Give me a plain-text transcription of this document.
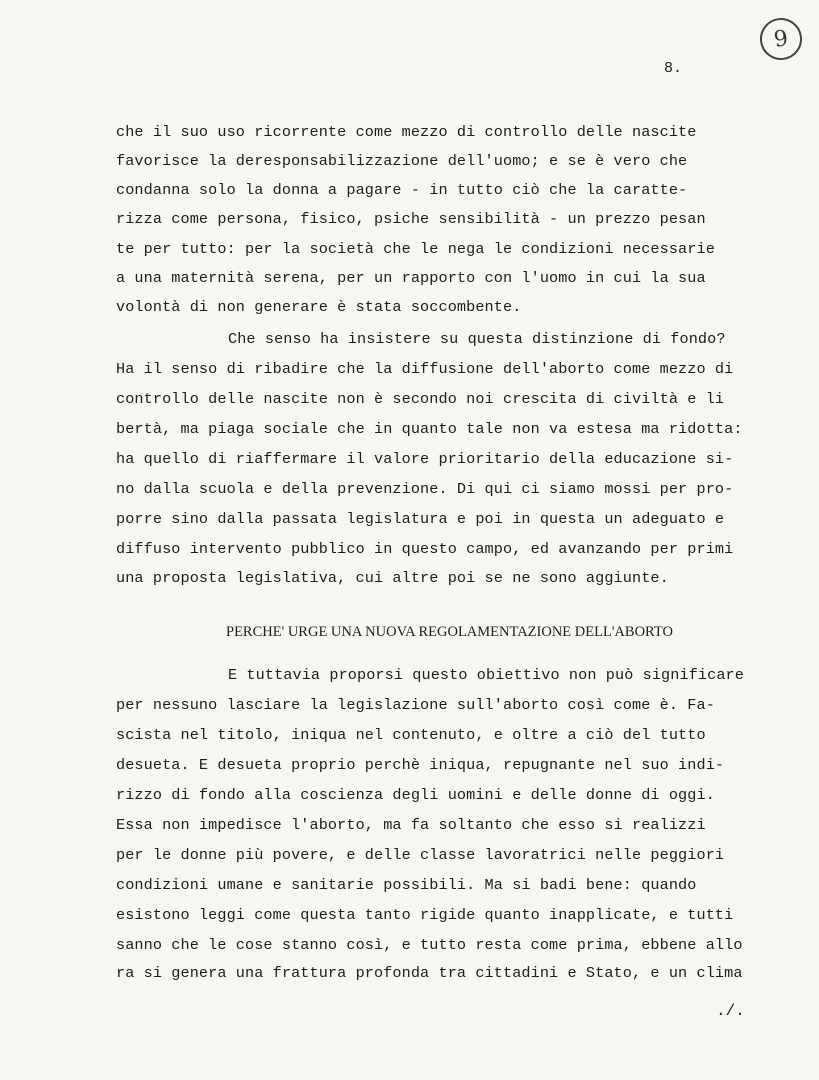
9
8.
che il suo uso ricorrente come mezzo di controllo delle nascite
favorisce la deresponsabilizzazione dell'uomo; e se è vero che
condanna solo la donna a pagare - in tutto ciò che la caratte-
rizza come persona, fisico, psiche sensibilità - un prezzo pesan
te per tutto: per la società che le nega le condizioni necessarie
a una maternità serena, per un rapporto con l'uomo in cui la sua
volontà di non generare è stata soccombente.
Che senso ha insistere su questa distinzione di fondo?
Ha il senso di ribadire che la diffusione dell'aborto come mezzo di
controllo delle nascite non è secondo noi crescita di civiltà e li
bertà, ma piaga sociale che in quanto tale non va estesa ma ridotta:
ha quello di riaffermare il valore prioritario della educazione si-
no dalla scuola e della prevenzione. Di qui ci siamo mossi per pro-
porre sino dalla passata legislatura e poi in questa un adeguato e
diffuso intervento pubblico in questo campo, ed avanzando per primi
una proposta legislativa, cui altre poi se ne sono aggiunte.
PERCHE' URGE UNA NUOVA REGOLAMENTAZIONE DELL'ABORTO
E tuttavia proporsi questo obiettivo non può significare
per nessuno lasciare la legislazione sull'aborto così come è. Fa-
scista nel titolo, iniqua nel contenuto, e oltre a ciò del tutto
desueta. E desueta proprio perchè iniqua, repugnante nel suo indi-
rizzo di fondo alla coscienza degli uomini e delle donne di oggi.
Essa non impedisce l'aborto, ma fa soltanto che esso si realizzi
per le donne più povere, e delle classe lavoratrici nelle peggiori
condizioni umane e sanitarie possibili. Ma si badi bene: quando
esistono leggi come questa tanto rigide quanto inapplicate, e tutti
sanno che le cose stanno così, e tutto resta come prima, ebbene allo
ra si genera una frattura profonda tra cittadini e Stato, e un clima
./.
